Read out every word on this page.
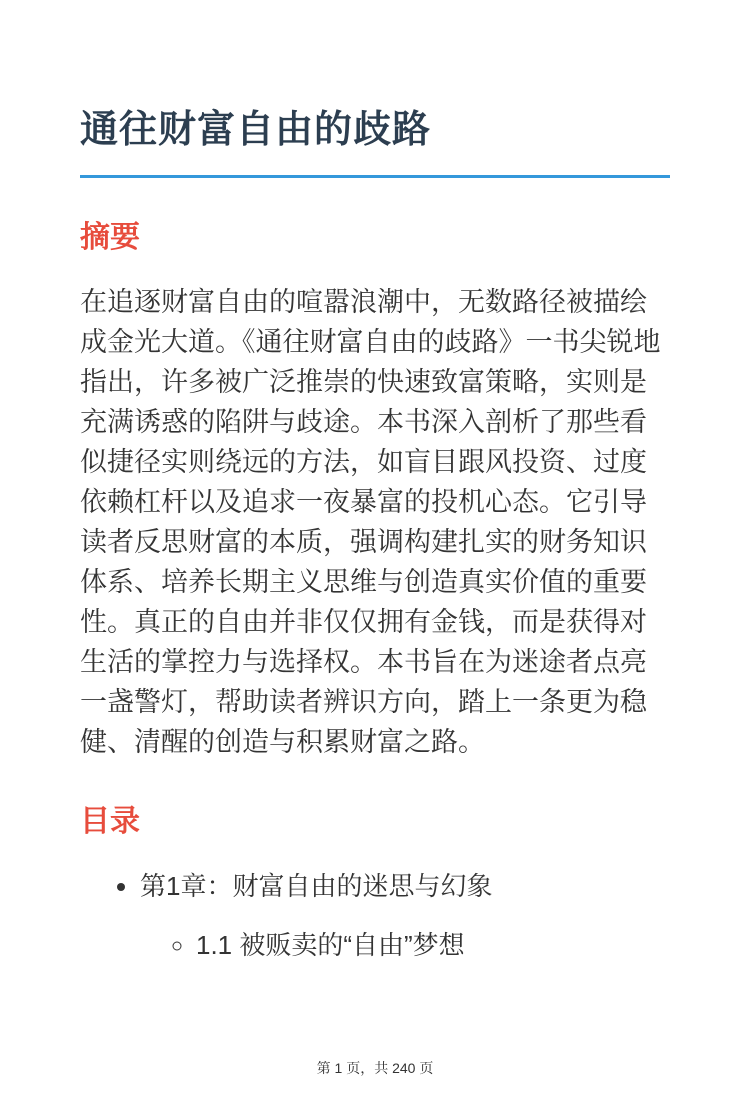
通往财富自由的歧路
摘要

在追逐财富自由的喧嚣浪潮中，无数路径被描绘成金光大道。《通往财富自由的歧路》一书尖锐地指出，许多被广泛推崇的快速致富策略，实则是充满诱惑的陷阱与歧途。本书深入剖析了那些看似捷径实则绕远的方法，如盲目跟风投资、过度依赖杠杆以及追求一夜暴富的投机心态。它引导读者反思财富的本质，强调构建扎实的财务知识体系、培养长期主义思维与创造真实价值的重要性。真正的自由并非仅仅拥有金钱，而是获得对生活的掌控力与选择权。本书旨在为迷途者点亮一盏警灯，帮助读者辨识方向，踏上一条更为稳健、清醒的创造与积累财富之路。

目录
• 第1章：财富自由的迷思与幻象
◦ 1.1 被贩卖的“自由”梦想
第 1 页，共 240 页
